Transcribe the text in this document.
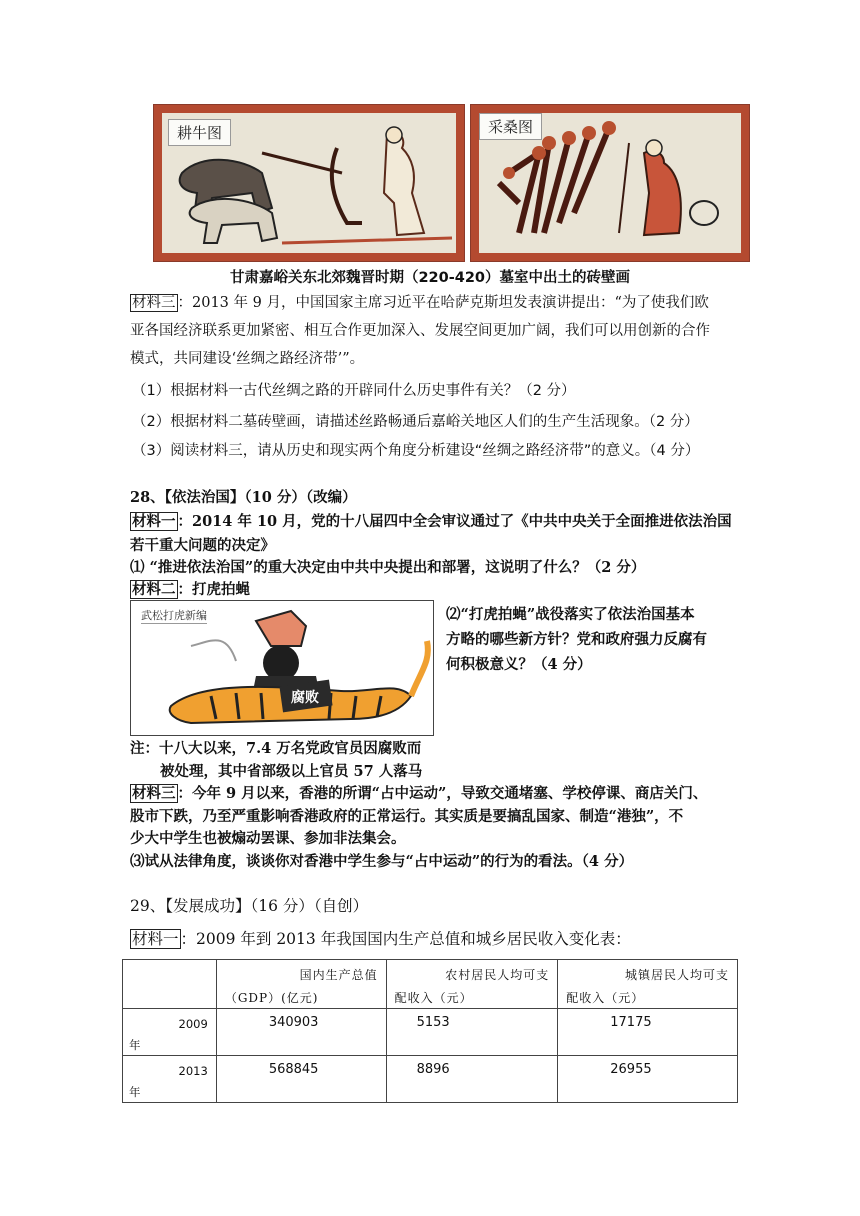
耕牛图	采桑图
甘肃嘉峪关东北郊魏晋时期（220-420）墓室中出土的砖壁画
材料三 ：2013 年 9 月，中国国家主席习近平在哈萨克斯坦发表演讲提出：“为了使我们欧
亚各国经济联系更加紧密、相互合作更加深入、发展空间更加广阔，我们可以用创新的合作
模式，共同建设‘丝绸之路经济带’”。
（1）根据材料一古代丝绸之路的开辟同什么历史事件有关？（2 分）
（2）根据材料二墓砖壁画，请描述丝路畅通后嘉峪关地区人们的生产生活现象。（2 分）
（3）阅读材料三，请从历史和现实两个角度分析建设“丝绸之路经济带”的意义。（4 分）
28、【依法治国】（10 分）（改编）
材料一 ：2014 年 10 月，党的十八届四中全会审议通过了《中共中央关于全面推进依法治国
若干重大问题的决定》
⑴ “推进依法治国”的重大决定由中共中央提出和部署，这说明了什么？（2 分）
材料二 ：打虎拍蝇
武松打虎新编
腐败
⑵“打虎拍蝇”战役落实了依法治国基本
方略的哪些新方针？党和政府强力反腐有
何积极意义？（4 分）
注：十八大以来，7.4 万名党政官员因腐败而
被处理，其中省部级以上官员 57 人落马
材料三 ：今年 9 月以来，香港的所谓“占中运动”，导致交通堵塞、学校停课、商店关门、
股市下跌，乃至严重影响香港政府的正常运行。其实质是要搞乱国家、制造“港独”，不
少大中学生也被煽动罢课、参加非法集会。
⑶试从法律角度，谈谈你对香港中学生参与“占中运动”的行为的看法。（4 分）
29、【发展成功】（16 分）（自创）
材料一 ：2009 年到 2013 年我国国内生产总值和城乡居民收入变化表：

	国内生产总值
（GDP）(亿元)	农村居民人均可支
配收入（元）	城镇居民人均可支
配收入（元）

2009
年	340903	5153	17175

2013
年	568845	8896	26955
